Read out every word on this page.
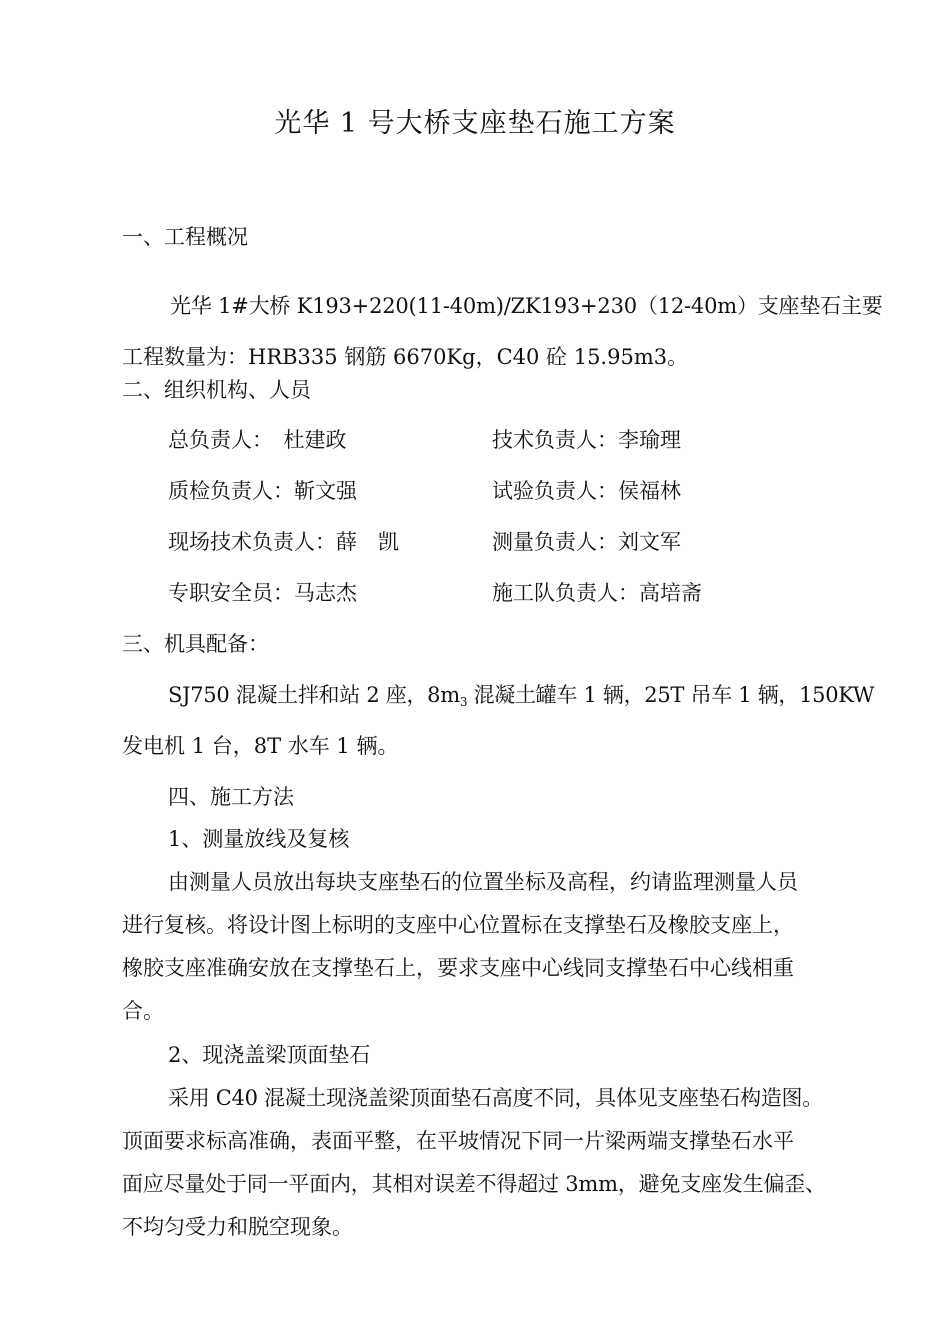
光华 1 号大桥支座垫石施工方案
一、工程概况
光华 1#大桥 K193+220(11-40m)/ZK193+230（12-40m）支座垫石主要
工程数量为：HRB335 钢筋 6670Kg，C40 砼 15.95m3。
二、组织机构、人员
总负责人：　杜建政	技术负责人：李瑜理
质检负责人：靳文强	试验负责人：侯福林
现场技术负责人：薛　凯	测量负责人：刘文军
专职安全员：马志杰	施工队负责人：高培斋
三、机具配备：
SJ750 混凝土拌和站 2 座，8m3 混凝土罐车 1 辆，25T 吊车 1 辆，150KW
发电机 1 台，8T 水车 1 辆。
四、施工方法
1、测量放线及复核
由测量人员放出每块支座垫石的位置坐标及高程，约请监理测量人员
进行复核。将设计图上标明的支座中心位置标在支撑垫石及橡胶支座上，
橡胶支座准确安放在支撑垫石上，要求支座中心线同支撑垫石中心线相重
合。
2、现浇盖梁顶面垫石
采用 C40 混凝土现浇盖梁顶面垫石高度不同，具体见支座垫石构造图。
顶面要求标高准确，表面平整，在平坡情况下同一片梁两端支撑垫石水平
面应尽量处于同一平面内，其相对误差不得超过 3mm，避免支座发生偏歪、
不均匀受力和脱空现象。
